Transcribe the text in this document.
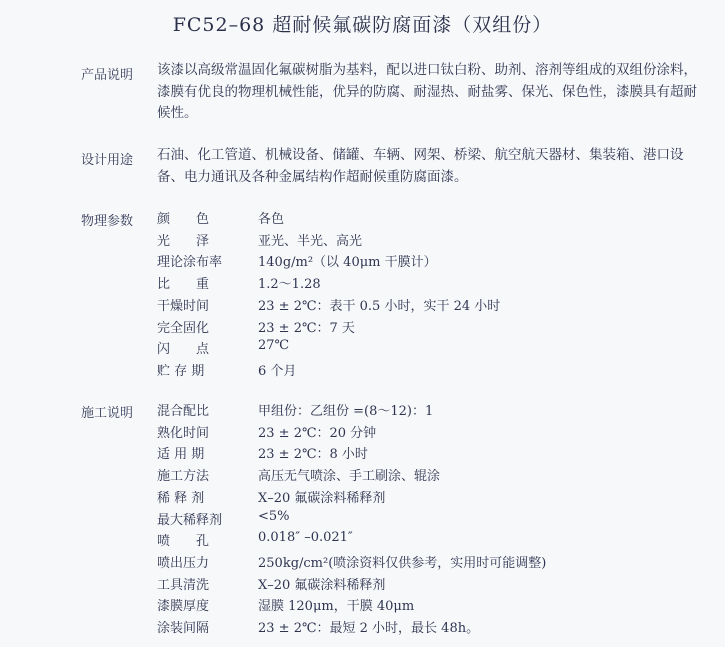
FC52–68 超耐候氟碳防腐面漆（双组份）
产品说明 该漆以高级常温固化氟碳树脂为基料，配以进口钛白粉、助剂、溶剂等组成的双组份涂料，漆膜有优良的物理机械性能，优异的防腐、耐湿热、耐盐雾、保光、保色性，漆膜具有超耐候性。
设计用途 石油、化工管道、机械设备、储罐、车辆、网架、桥梁、航空航天器材、集装箱、港口设备、电力通讯及各种金属结构作超耐候重防腐面漆。
物理参数 颜　　色	各色
光　　泽	亚光、半光、高光
理论涂布率	140g/m²（以 40μm 干膜计）
比　　重	1.2～1.28
干燥时间	23 ± 2℃：表干 0.5 小时，实干 24 小时
完全固化	23 ± 2℃：7 天
闪　　点	27℃
贮 存 期	6 个月
施工说明 混合配比	甲组份：乙组份 =(8～12)：1
熟化时间	23 ± 2℃：20 分钟
适 用 期	23 ± 2℃：8 小时
施工方法	高压无气喷涂、手工刷涂、辊涂
稀 释 剂	X–20 氟碳涂料稀释剂
最大稀释剂	<5%
喷　　孔	0.018″ –0.021″
喷出压力	250kg/cm²(喷涂资料仅供参考，实用时可能调整)
工具清洗	X–20 氟碳涂料稀释剂
漆膜厚度	湿膜 120μm，干膜 40μm
涂装间隔	23 ± 2℃：最短 2 小时，最长 48h。
